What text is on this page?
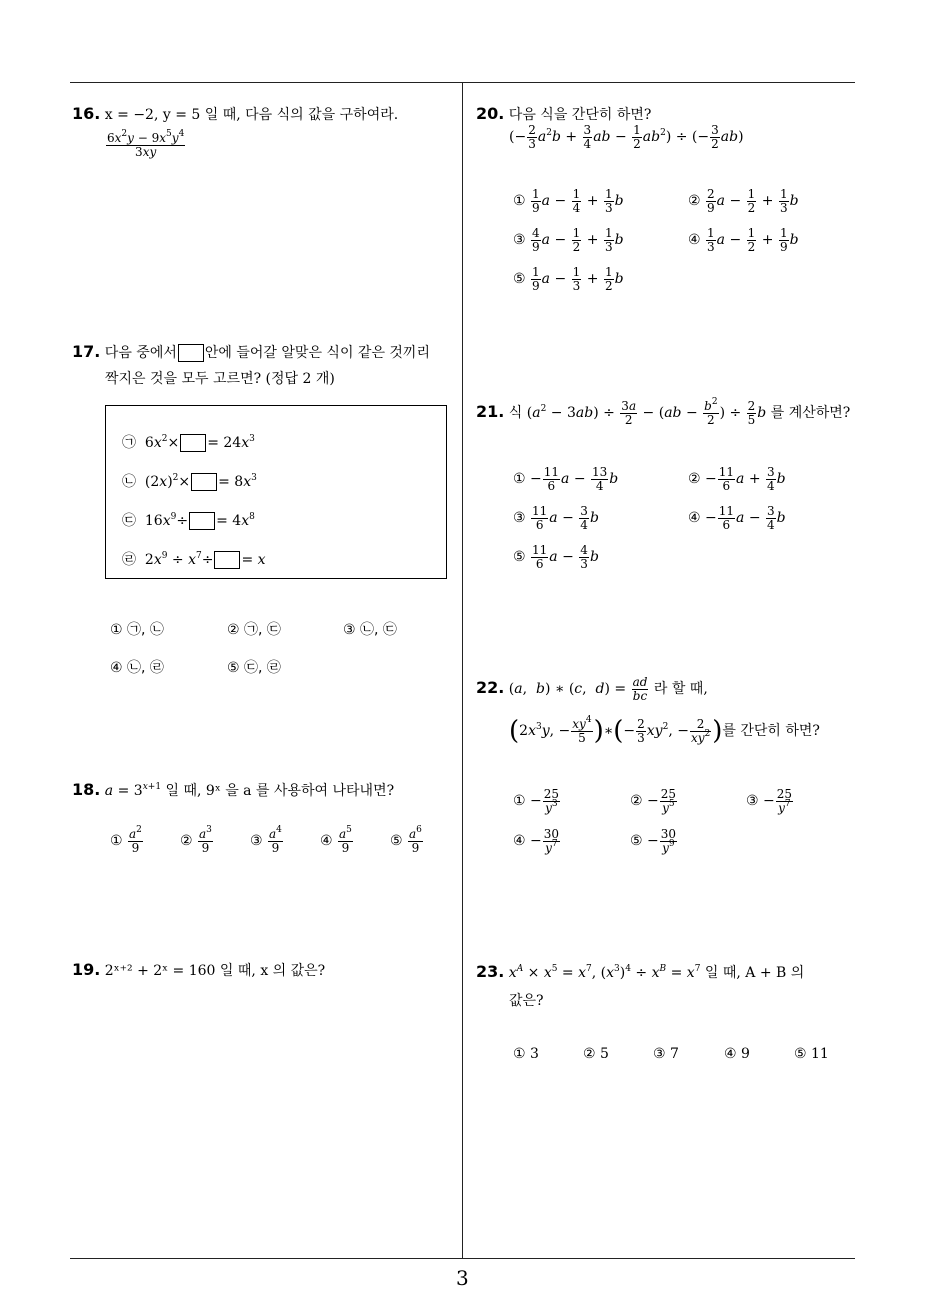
16. x = −2, y = 5 일 때, 다음 식의 값을 구하여라.
$\frac{6x^2y - 9x^5y^4}{3xy}$
17. 다음 중에서 안에 들어갈 알맞은 식이 같은 것끼리
짝지은 것을 모두 고르면? (정답 2 개)
㉠  $6x^2\times = 24x^3$
㉡  $(2x)^2\times = 8x^3$
㉢  $16x^9\div = 4x^8$
㉣  $2x^9 \div x^7\div = x$
① ㉠, ㉡	② ㉠, ㉢	③ ㉡, ㉢
④ ㉡, ㉣	⑤ ㉢, ㉣
18. $a = 3^{x+1}$ 일 때, 9ˣ 을 a 를 사용하여 나타내면?
① $\frac{a^2}{9}$	② $\frac{a^3}{9}$	③ $\frac{a^4}{9}$	④ $\frac{a^5}{9}$	⑤ $\frac{a^6}{9}$
19. 2ˣ⁺² + 2ˣ = 160 일 때, x 의 값은?
20. 다음 식을 간단히 하면?
(− $\frac{2}{3} a^2b + \frac{3}{4}$ ab − $\frac{1}{2} ab^2$) ÷ (− $\frac{3}{2} ab$)
① $\frac{1}{9}$ $a - \frac{1}{4} + \frac{1}{3}$ b	② $\frac{2}{9}$ $a - \frac{1}{2} + \frac{1}{3}$ b
③ $\frac{4}{9}$ $a - \frac{1}{2} + \frac{1}{3}$ b	④ $\frac{1}{3}$ $a - \frac{1}{2} + \frac{1}{9}$ b
⑤ $\frac{1}{9}$ $a - \frac{1}{3} + \frac{1}{2}$ b
21. 식 $(a^2 - 3ab) \div \frac{3a}{2} - (ab - \frac{b^2}{2}$ ) ÷ $\frac{2}{5}$ b 를 계산하면?
① − $\frac{11}{6}$ $a - \frac{13}{4}$ b	② − $\frac{11}{6}$ $a + \frac{3}{4}$ b
③ $\frac{11}{6}$ $a - \frac{3}{4}$ b	④ − $\frac{11}{6}$ $a - \frac{3}{4}$ b
⑤ $\frac{11}{6}$ $a - \frac{4}{3}$ b
22. (a,  b) ∗ (c,  $d) = \frac{ad}{bc}$ 라 할 때,
($2x^3y$, − $\frac{xy^4}{5}$ )∗(− $\frac{2}{3} xy^2$, − $\frac{2}{xy^2}$ )를 간단히 하면?
① − $\frac{25}{y^3}$	② − $\frac{25}{y^5}$	③ − $\frac{25}{y^7}$
④ − $\frac{30}{y^7}$	⑤ − $\frac{30}{y^9}$
23. $x^A \times x^5 = x^7$, $(x^3)^4 \div x^B = x^7$ 일 때, A + B 의
값은?
① 3	② 5	③ 7	④ 9	⑤ 11
3
